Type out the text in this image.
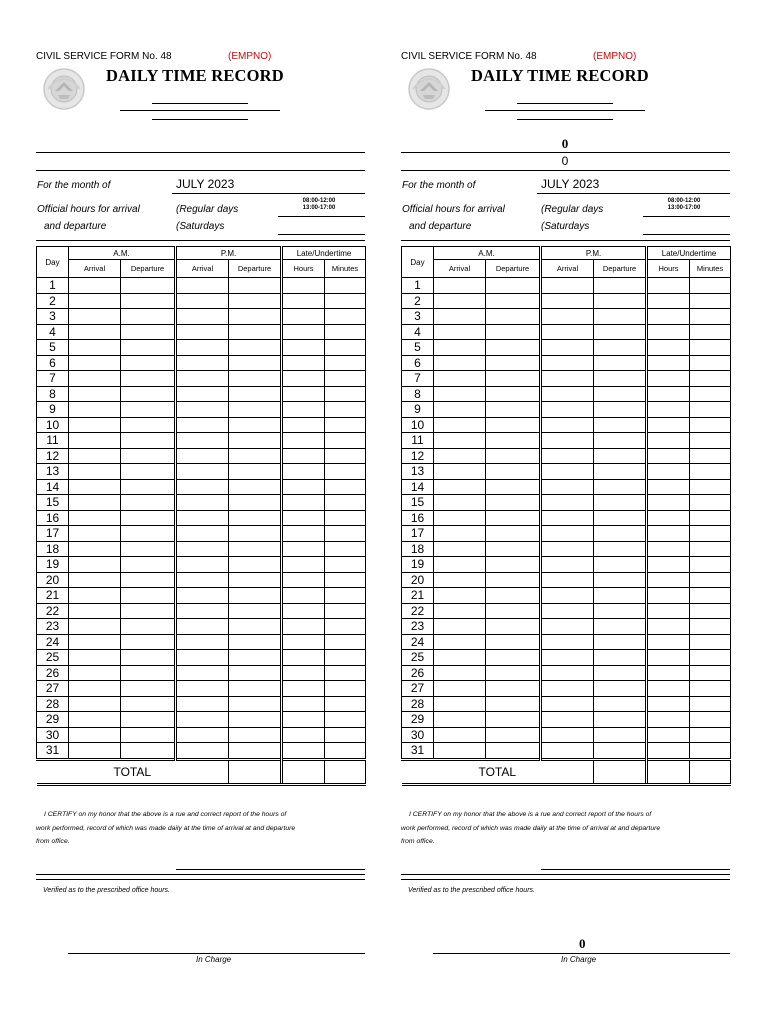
CIVIL SERVICE FORM No. 48	(EMPNO)
DAILY TIME RECORD
For the month of	JULY 2023
Official hours for arrival
and departure
(Regular days
(Saturdays
08:00-12:00
13:00-17:00
Day	A.M.		P.M.		Late/Undertime	
	Arrival	Departure	Arrival	Departure	Hours	Minutes
1						
2						
3						
4						
5						
6						
7						
8						
9						
10						
11						
12						
13						
14						
15						
16						
17						
18						
19						
20						
21						
22						
23						
24						
25						
26						
27						
28						
29						
30						
31						
TOTAL						
I CERTIFY on my honor that the above is a rue and correct report of the hours of
work performed, record of which was made daily at the time of arrival at and departure
from office.
Verified as to the prescribed office hours.
In Charge
CIVIL SERVICE FORM No. 48	(EMPNO)
DAILY TIME RECORD
0
0
For the month of	JULY 2023
Official hours for arrival
and departure
(Regular days
(Saturdays
08:00-12:00
13:00-17:00
Day	A.M.		P.M.		Late/Undertime	
	Arrival	Departure	Arrival	Departure	Hours	Minutes
1						
2						
3						
4						
5						
6						
7						
8						
9						
10						
11						
12						
13						
14						
15						
16						
17						
18						
19						
20						
21						
22						
23						
24						
25						
26						
27						
28						
29						
30						
31						
TOTAL						
I CERTIFY on my honor that the above is a rue and correct report of the hours of
work performed, record of which was made daily at the time of arrival at and departure
from office.
Verified as to the prescribed office hours.
0
In Charge
